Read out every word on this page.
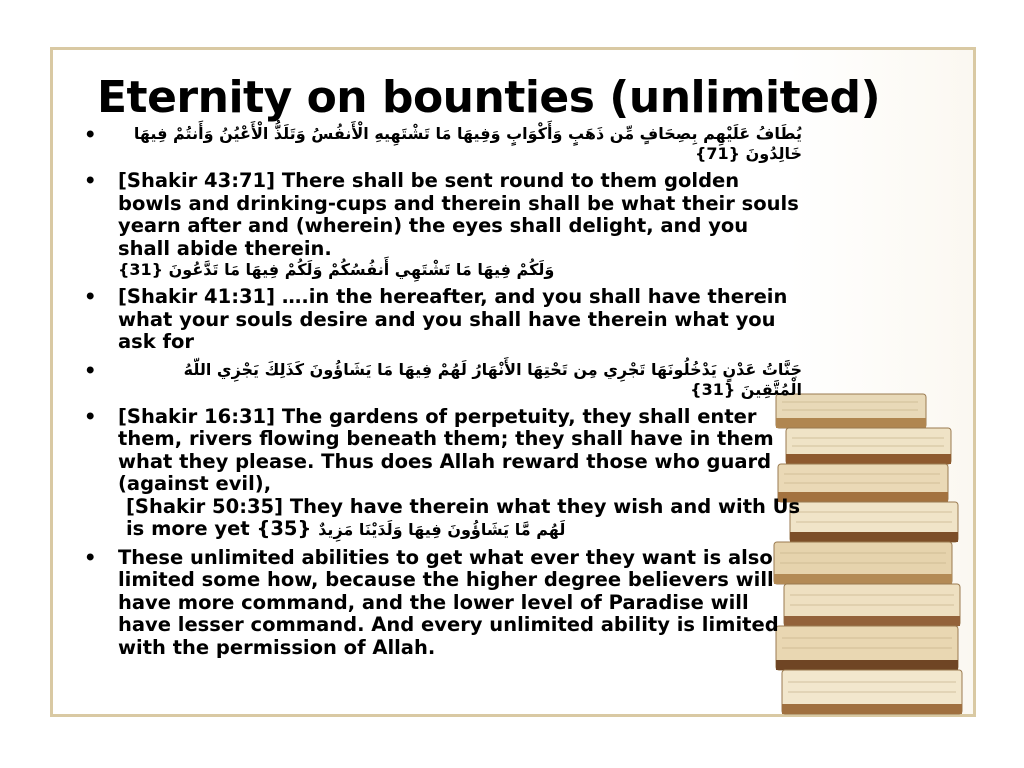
Eternity on bounties (unlimited)
•	يُطَافُ عَلَيْهِم بِصِحَافٍ مِّن ذَهَبٍ وَأَكْوَابٍ وَفِيهَا مَا تَشْتَهِيهِ الْأَنفُسُ وَتَلَذُّ الْأَعْيُنُ وَأَنتُمْ فِيهَا خَالِدُونَ {71}
• [Shakir 43:71] There shall be sent round to them golden bowls and drinking-cups and therein shall be what their souls yearn after and (wherein) the eyes shall delight, and you shall abide therein.
وَلَكُمْ فِيهَا مَا تَشْتَهِي أَنفُسُكُمْ وَلَكُمْ فِيهَا مَا تَدَّعُونَ {31}
• [Shakir 41:31] ….in the hereafter, and you shall have therein what your souls desire and you shall have therein what you ask for
•	جَنَّاتُ عَدْنٍ يَدْخُلُونَهَا تَجْرِي مِن تَحْتِهَا الأَنْهَارُ لَهُمْ فِيهَا مَا يَشَاؤُونَ كَذَلِكَ يَجْزِي اللّهُ الْمُتَّقِينَ {31}
• [Shakir 16:31] The gardens of perpetuity, they shall enter them, rivers flowing beneath them; they shall have in them what they please. Thus does Allah reward those who guard (against evil),
[Shakir 50:35] They have therein what they wish and with Us is more yet {35} لَهُم مَّا يَشَاؤُونَ فِيهَا وَلَدَيْنَا مَزِيدٌ
• These unlimited abilities to get what ever they want is also limited some how, because the higher degree believers will have more command, and the lower level of Paradise will have lesser command. And every unlimited ability is limited with the permission of Allah.
